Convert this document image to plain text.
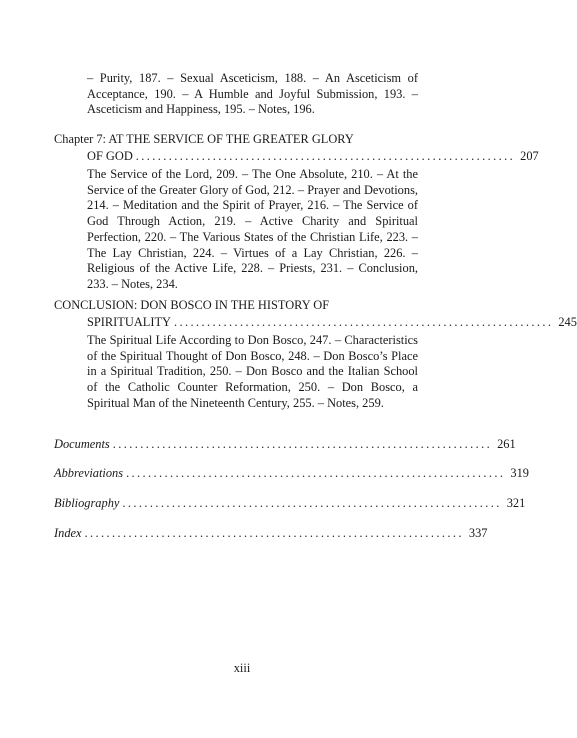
– Purity, 187. – Sexual Asceticism, 188. – An Asceticism of Acceptance, 190. – A Humble and Joyful Submission, 193. – Asceticism and Happiness, 195. – Notes, 196.
Chapter 7: AT THE SERVICE OF THE GREATER GLORY
OF GOD ..................................................................... 207
The Service of the Lord, 209. – The One Absolute, 210. – At the Service of the Greater Glory of God, 212. – Prayer and Devotions, 214. – Meditation and the Spirit of Prayer, 216. – The Service of God Through Action, 219. – Active Charity and Spiritual Perfection, 220. – The Various States of the Christian Life, 223. – The Lay Christian, 224. – Virtues of a Lay Christian, 226. – Religious of the Active Life, 228. – Priests, 231. – Conclusion, 233. – Notes, 234.
CONCLUSION: DON BOSCO IN THE HISTORY OF
SPIRITUALITY ..................................................................... 245
The Spiritual Life According to Don Bosco, 247. – Characteristics of the Spiritual Thought of Don Bosco, 248. – Don Bosco’s Place in a Spiritual Tradition, 250. – Don Bosco and the Italian School of the Catholic Counter Reformation, 250. – Don Bosco, a Spiritual Man of the Nineteenth Century, 255. – Notes, 259.
Documents ..................................................................... 261
Abbreviations ..................................................................... 319
Bibliography ..................................................................... 321
Index ..................................................................... 337
xiii
